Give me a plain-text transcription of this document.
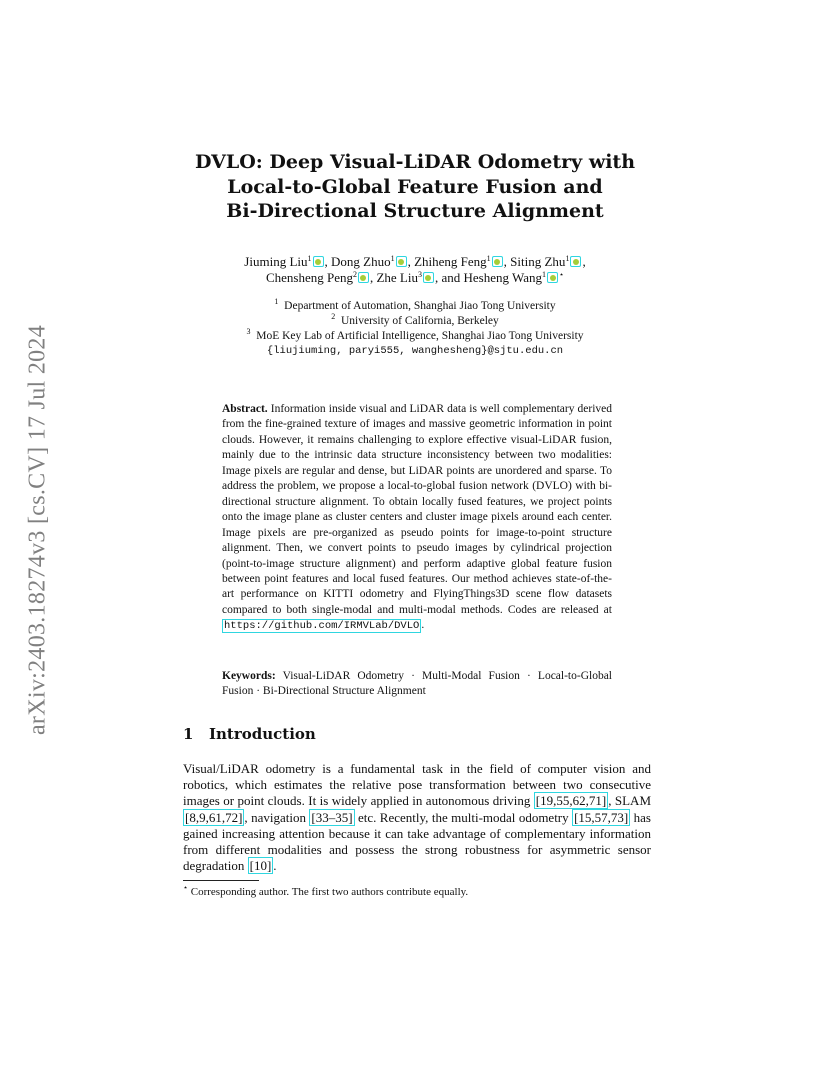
arXiv:2403.18274v3 [cs.CV] 17 Jul 2024
DVLO: Deep Visual-LiDAR Odometry with
Local-to-Global Feature Fusion and
Bi-Directional Structure Alignment
Jiuming Liu$^1$ , Dong Zhuo$^1$ , Zhiheng Feng$^1$ , Siting Zhu$^1$ ,
Chensheng Peng$^2$ , Zhe Liu$^3$ , and Hesheng Wang$^1$ ⋆
$^1$ Department of Automation, Shanghai Jiao Tong University
$^2$ University of California, Berkeley
$^3$ MoE Key Lab of Artificial Intelligence, Shanghai Jiao Tong University
{liujiuming, paryi555, wanghesheng}@sjtu.edu.cn
Abstract. Information inside visual and LiDAR data is well complementary derived from the fine-grained texture of images and massive geometric information in point clouds. However, it remains challenging to explore effective visual-LiDAR fusion, mainly due to the intrinsic data structure inconsistency between two modalities: Image pixels are regular and dense, but LiDAR points are unordered and sparse. To address the problem, we propose a local-to-global fusion network (DVLO) with bi-directional structure alignment. To obtain locally fused features, we project points onto the image plane as cluster centers and cluster image pixels around each center. Image pixels are pre-organized as pseudo points for image-to-point structure alignment. Then, we convert points to pseudo images by cylindrical projection (point-to-image structure alignment) and perform adaptive global feature fusion between point features and local fused features. Our method achieves state-of-the-art performance on KITTI odometry and FlyingThings3D scene flow datasets compared to both single-modal and multi-modal methods. Codes are released at https://github.com/IRMVLab/DVLO .
Keywords: Visual-LiDAR Odometry · Multi-Modal Fusion · Local-to-Global Fusion · Bi-Directional Structure Alignment
1 Introduction
Visual/LiDAR odometry is a fundamental task in the field of computer vision and robotics, which estimates the relative pose transformation between two consecutive images or point clouds. It is widely applied in autonomous driving [19,55,62,71] , SLAM [8,9,61,72] , navigation [33–35] etc. Recently, the multi-modal odometry [15,57,73] has gained increasing attention because it can take advantage of complementary information from different modalities and possess the strong robustness for asymmetric sensor degradation [10] .
⋆ Corresponding author. The first two authors contribute equally.
